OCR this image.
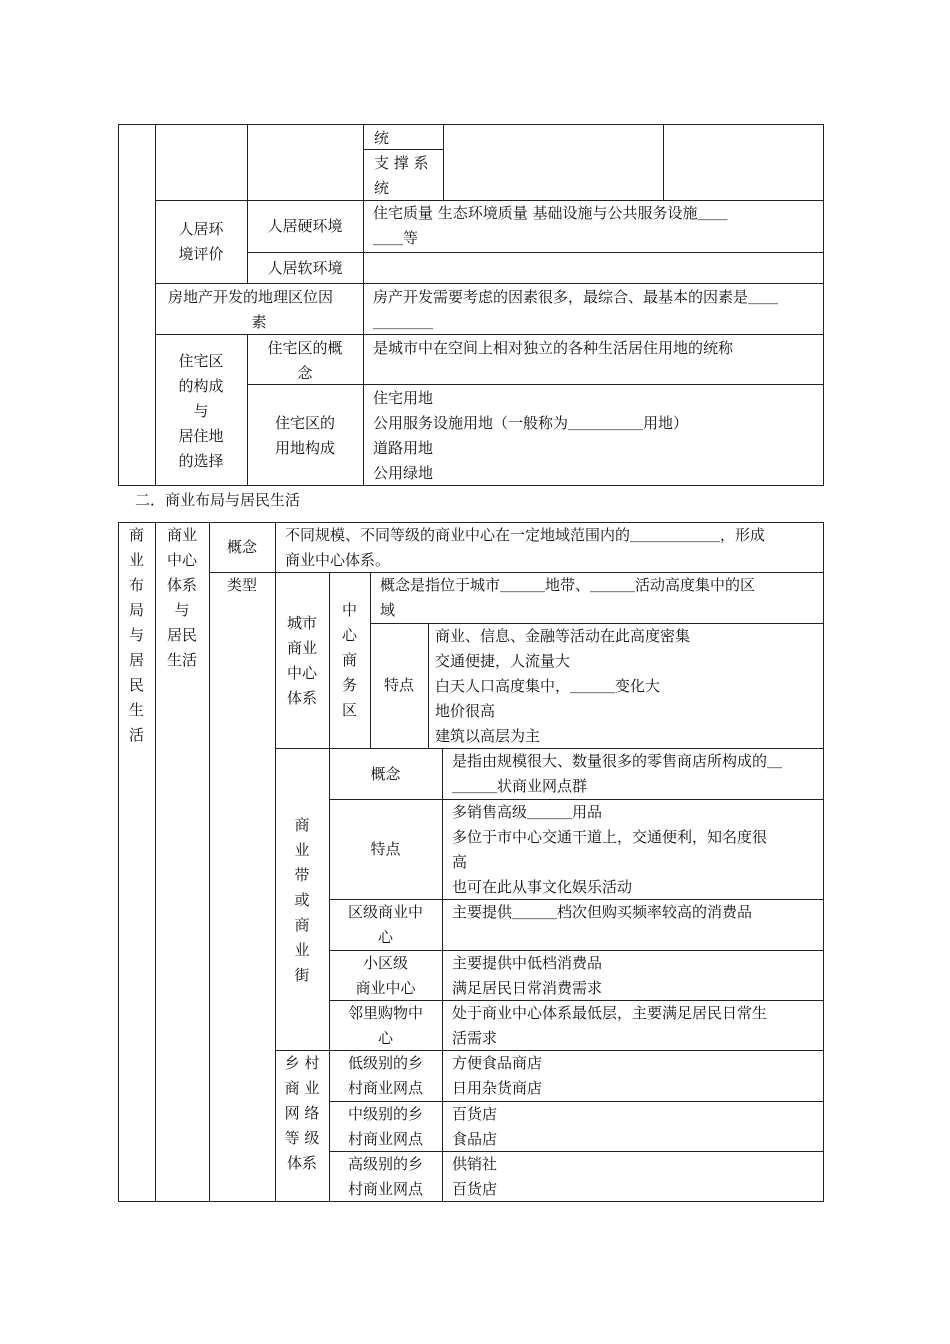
统
支 撑 系
统
人居环
境评价
人居硬环境
住宅质量 生态环境质量 基础设施与公共服务设施＿＿
＿＿等
人居软环境
房地产开发的地理区位因
素
房产开发需要考虑的因素很多，最综合、最基本的因素是＿＿
＿＿＿＿
住宅区
的构成
与
居住地
的选择
住宅区的概
念
是城市中在空间上相对独立的各种生活居住用地的统称
住宅区的
用地构成
住宅用地
公用服务设施用地（一般称为＿＿＿＿＿用地）
道路用地
公用绿地
二．商业布局与居民生活
商
业
布
局
与
居
民
生
活
商业
中心
体系
与
居民
生活
概念
不同规模、不同等级的商业中心在一定地域范围内的＿＿＿＿＿＿，形成
商业中心体系。
类型
城市
商业
中心
体系
中
心
商
务
区
概念是指位于城市＿＿＿地带、＿＿＿活动高度集中的区
域
特点
商业、信息、金融等活动在此高度密集
交通便捷，人流量大
白天人口高度集中，＿＿＿变化大
地价很高
建筑以高层为主
商
业
带
或
商
业
街
概念
是指由规模很大、数量很多的零售商店所构成的＿
＿＿＿状商业网点群
特点
多销售高级＿＿＿用品
多位于市中心交通干道上，交通便利，知名度很
高
也可在此从事文化娱乐活动
区级商业中
心
主要提供＿＿＿档次但购买频率较高的消费品
小区级
商业中心
主要提供中低档消费品
满足居民日常消费需求
邻里购物中
心
处于商业中心体系最低层，主要满足居民日常生
活需求
乡 村
商 业
网 络
等 级
体系
低级别的乡
村商业网点
方便食品商店
日用杂货商店
中级别的乡
村商业网点
百货店
食品店
高级别的乡
村商业网点
供销社
百货店
